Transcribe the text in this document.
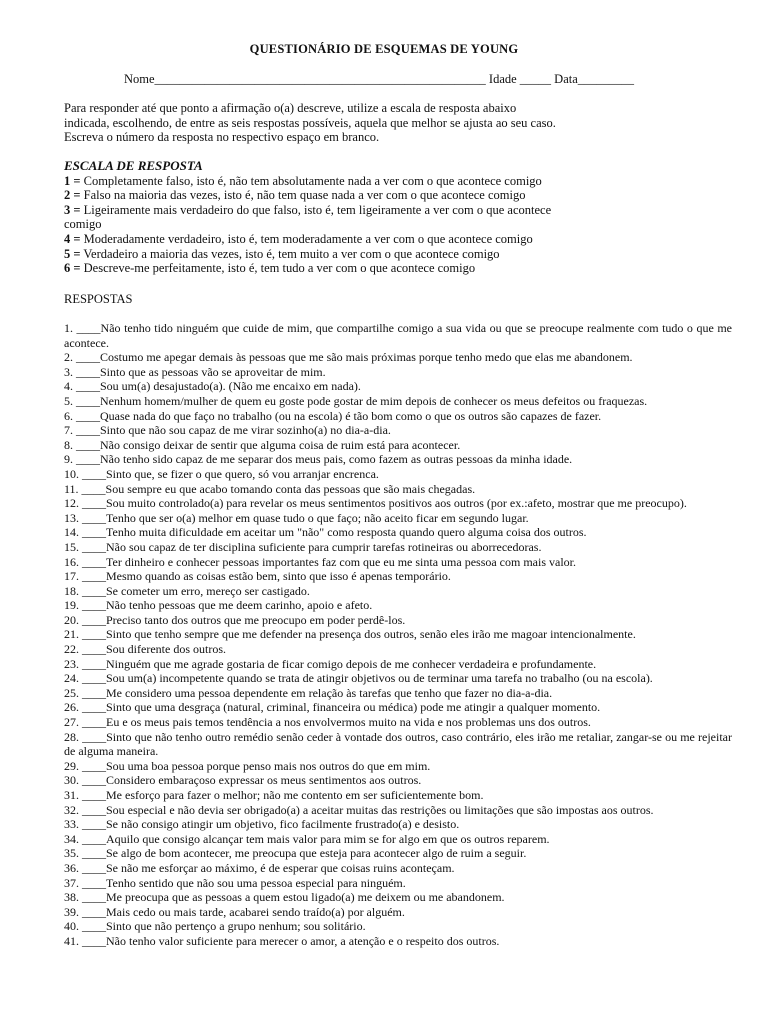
QUESTIONÁRIO DE ESQUEMAS DE YOUNG
Nome_____________________________________________________ Idade _____ Data_________
Para responder até que ponto a afirmação o(a) descreve, utilize a escala de resposta abaixo
indicada, escolhendo, de entre as seis respostas possíveis, aquela que melhor se ajusta ao seu caso.
Escreva o número da resposta no respectivo espaço em branco.
ESCALA DE RESPOSTA
1 = Completamente falso, isto é, não tem absolutamente nada a ver com o que acontece comigo
2 = Falso na maioria das vezes, isto é, não tem quase nada a ver com o que acontece comigo
3 = Ligeiramente mais verdadeiro do que falso, isto é, tem ligeiramente a ver com o que acontece comigo
4 = Moderadamente verdadeiro, isto é, tem moderadamente a ver com o que acontece comigo
5 = Verdadeiro a maioria das vezes, isto é, tem muito a ver com o que acontece comigo
6 = Descreve-me perfeitamente, isto é, tem tudo a ver com o que acontece comigo
RESPOSTAS
1. ____Não tenho tido ninguém que cuide de mim, que compartilhe comigo a sua vida ou que se preocupe realmente com tudo o que me acontece.
2. ____Costumo me apegar demais às pessoas que me são mais próximas porque tenho medo que elas me abandonem.
3. ____Sinto que as pessoas vão se aproveitar de mim.
4. ____Sou um(a) desajustado(a). (Não me encaixo em nada).
5. ____Nenhum homem/mulher de quem eu goste pode gostar de mim depois de conhecer os meus defeitos ou fraquezas.
6. ____Quase nada do que faço no trabalho (ou na escola) é tão bom como o que os outros são capazes de fazer.
7. ____Sinto que não sou capaz de me virar sozinho(a) no dia-a-dia.
8. ____Não consigo deixar de sentir que alguma coisa de ruim está para acontecer.
9. ____Não tenho sido capaz de me separar dos meus pais, como fazem as outras pessoas da minha idade.
10. ____Sinto que, se fizer o que quero, só vou arranjar encrenca.
11. ____Sou sempre eu que acabo tomando conta das pessoas que são mais chegadas.
12. ____Sou muito controlado(a) para revelar os meus sentimentos positivos aos outros (por ex.:afeto, mostrar que me preocupo).
13. ____Tenho que ser o(a) melhor em quase tudo o que faço; não aceito ficar em segundo lugar.
14. ____Tenho muita dificuldade em aceitar um "não" como resposta quando quero alguma coisa dos outros.
15. ____Não sou capaz de ter disciplina suficiente para cumprir tarefas rotineiras ou aborrecedoras.
16. ____Ter dinheiro e conhecer pessoas importantes faz com que eu me sinta uma pessoa com mais valor.
17. ____Mesmo quando as coisas estão bem, sinto que isso é apenas temporário.
18. ____Se cometer um erro, mereço ser castigado.
19. ____Não tenho pessoas que me deem carinho, apoio e afeto.
20. ____Preciso tanto dos outros que me preocupo em poder perdê-los.
21. ____Sinto que tenho sempre que me defender na presença dos outros, senão eles irão me magoar intencionalmente.
22. ____Sou diferente dos outros.
23. ____Ninguém que me agrade gostaria de ficar comigo depois de me conhecer verdadeira e profundamente.
24. ____Sou um(a) incompetente quando se trata de atingir objetivos ou de terminar uma tarefa no trabalho (ou na escola).
25. ____Me considero uma pessoa dependente em relação às tarefas que tenho que fazer no dia-a-dia.
26. ____Sinto que uma desgraça (natural, criminal, financeira ou médica) pode me atingir a qualquer momento.
27. ____Eu e os meus pais temos tendência a nos envolvermos muito na vida e nos problemas uns dos outros.
28. ____Sinto que não tenho outro remédio senão ceder à vontade dos outros, caso contrário, eles irão me retaliar, zangar-se ou me rejeitar de alguma maneira.
29. ____Sou uma boa pessoa porque penso mais nos outros do que em mim.
30. ____Considero embaraçoso expressar os meus sentimentos aos outros.
31. ____Me esforço para fazer o melhor; não me contento em ser suficientemente bom.
32. ____Sou especial e não devia ser obrigado(a) a aceitar muitas das restrições ou limitações que são impostas aos outros.
33. ____Se não consigo atingir um objetivo, fico facilmente frustrado(a) e desisto.
34. ____Aquilo que consigo alcançar tem mais valor para mim se for algo em que os outros reparem.
35. ____Se algo de bom acontecer, me preocupa que esteja para acontecer algo de ruim a seguir.
36. ____Se não me esforçar ao máximo, é de esperar que coisas ruins aconteçam.
37. ____Tenho sentido que não sou uma pessoa especial para ninguém.
38. ____Me preocupa que as pessoas a quem estou ligado(a) me deixem ou me abandonem.
39. ____Mais cedo ou mais tarde, acabarei sendo traído(a) por alguém.
40. ____Sinto que não pertenço a grupo nenhum; sou solitário.
41. ____Não tenho valor suficiente para merecer o amor, a atenção e o respeito dos outros.
